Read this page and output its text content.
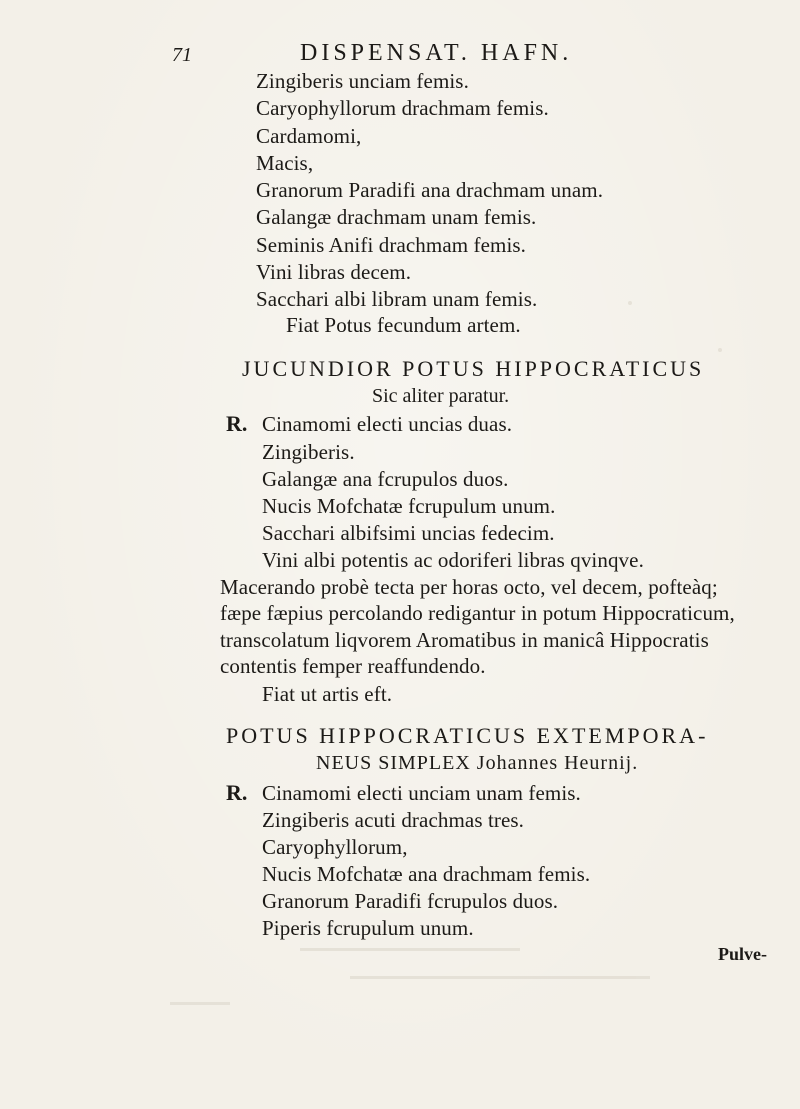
71	DISPENSAT. HAFN.
Zingiberis unciam femis.
Caryophyllorum drachmam femis.
Cardamomi,
Macis,
Granorum Paradifi ana drachmam unam.
Galangæ drachmam unam femis.
Seminis Anifi drachmam femis.
Vini libras decem.
Sacchari albi libram unam femis.
Fiat Potus fecundum artem.
JUCUNDIOR POTUS HIPPOCRATICUS
Sic aliter paratur.
R. Cinamomi electi uncias duas.
Zingiberis.
Galangæ ana fcrupulos duos.
Nucis Mofchatæ fcrupulum unum.
Sacchari albifsimi uncias fedecim.
Vini albi potentis ac odoriferi libras qvinqve.
Macerando probè tecta per horas octo, vel decem, pofteàq;
fæpe fæpius percolando redigantur in potum Hippocraticum,
transcolatum liqvorem Aromatibus in manicâ Hippocratis
contentis femper reaffundendo.
Fiat ut artis eft.
POTUS HIPPOCRATICUS EXTEMPORA-
NEUS SIMPLEX Johannes Heurnij.
R. Cinamomi electi unciam unam femis.
Zingiberis acuti drachmas tres.
Caryophyllorum,
Nucis Mofchatæ ana drachmam femis.
Granorum Paradifi fcrupulos duos.
Piperis fcrupulum unum.
Pulve-
